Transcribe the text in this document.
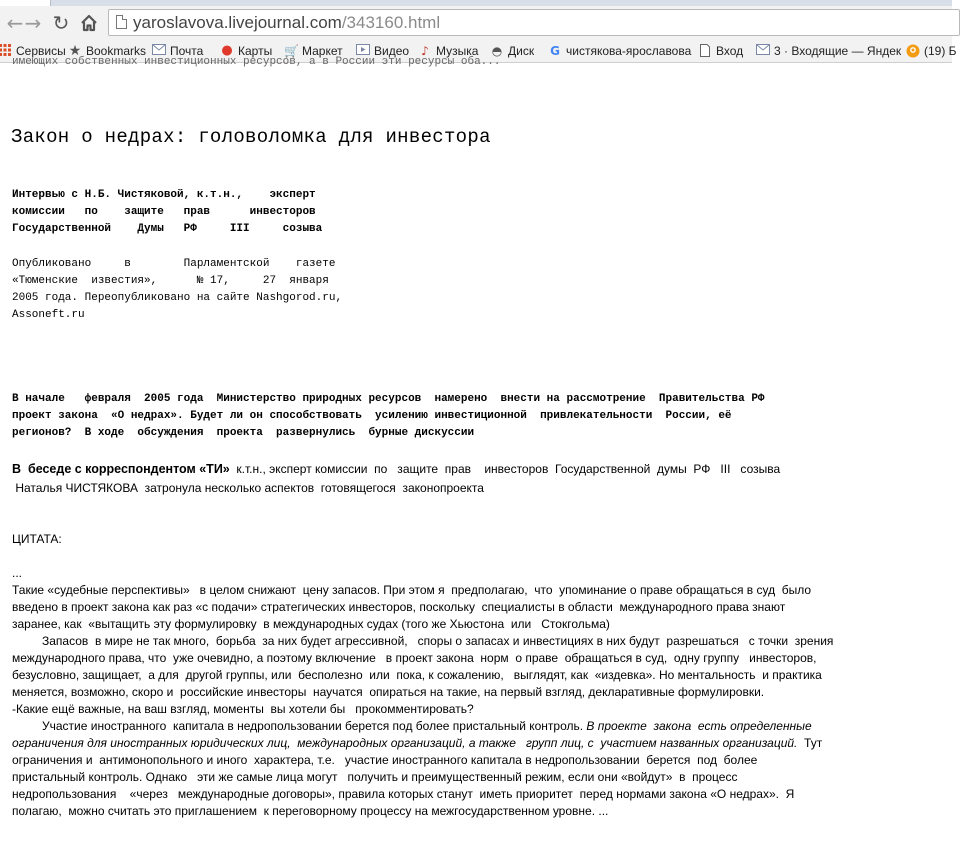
← → ↻	yaroslavova.livejournal.com/343160.html
Сервисы ★ Bookmarks Почта ● Карты 🛒 Маркет	Видео ♪ Музыка ◓ Диск G чистякова-ярославова Вход	3 · Входящие — Яндек (19) Б
имеющих собственных инвестиционных ресурсов, а в России эти ресурсы оба...
Закон о недрах: головоломка для инвестора
Интервью с Н.Б. Чистяковой, к.т.н.,    эксперт
комиссии   по    защите   прав      инвесторов
Государственной    Думы   РФ     III     созыва
Опубликовано     в        Парламентской    газете
«Тюменские  известия»,      № 17,     27  января
2005 года. Переопубликовано на сайте Nashgorod.ru,
Assoneft.ru
В начале   февраля  2005 года  Министерство природных ресурсов  намерено  внести на рассмотрение  Правительства РФ
проект закона  «О недрах». Будет ли он способствовать  усилению инвестиционной  привлекательности  России, её
регионов?  В ходе  обсуждения  проекта  развернулись  бурные дискуссии
В  беседе с корреспондентом «ТИ»  к.т.н., эксперт комиссии  по   защите  прав    инвесторов  Государственной  думы  РФ   III   созыва
Наталья ЧИСТЯКОВА  затронула несколько аспектов  готовящегося  законопроекта
ЦИТАТА:
...
Такие «судебные перспективы»   в целом снижают  цену запасов. При этом я  предполагаю,  что  упоминание о праве обращаться в суд  было
введено в проект закона как раз «с подачи» стратегических инвесторов, поскольку  специалисты в области  международного права знают
заранее, как  «вытащить эту формулировку  в международных судах (того же Хьюстона  или   Стокгольма)
Запасов  в мире не так много,  борьба  за них будет агрессивной,   споры о запасах и инвестициях в них будут  разрешаться   с точки  зрения
международного права, что  уже очевидно, а поэтому включение   в проект закона  норм  о праве  обращаться в суд,  одну группу   инвесторов,
безусловно, защищает,  а для  другой группы, или  бесполезно  или  пока, к сожалению,   выглядят, как  «издевка». Но ментальность  и практика
меняется, возможно, скоро и  российские инвесторы  научатся  опираться на такие, на первый взгляд, декларативные формулировки.
-Какие ещё важные, на ваш взгляд, моменты  вы хотели бы   прокомментировать?
Участие иностранного  капитала в недропользовании берется под более пристальный контроль. В проекте  закона  есть определенные
ограничения для иностранных юридических лиц,  международных организаций, а также   групп лиц, с  участием названных организаций.  Тут
ограничения и  антимонопольного и иного  характера, т.е.   участие иностранного капитала в недропользовании  берется  под  более
пристальный контроль. Однако   эти же самые лица могут   получить и преимущественный режим, если они «войдут»  в  процесс
недропользования    «через   международные договоры», правила которых станут  иметь приоритет  перед нормами закона «О недрах».  Я
полагаю,  можно считать это приглашением  к переговорному процессу на межгосударственном уровне. ...
